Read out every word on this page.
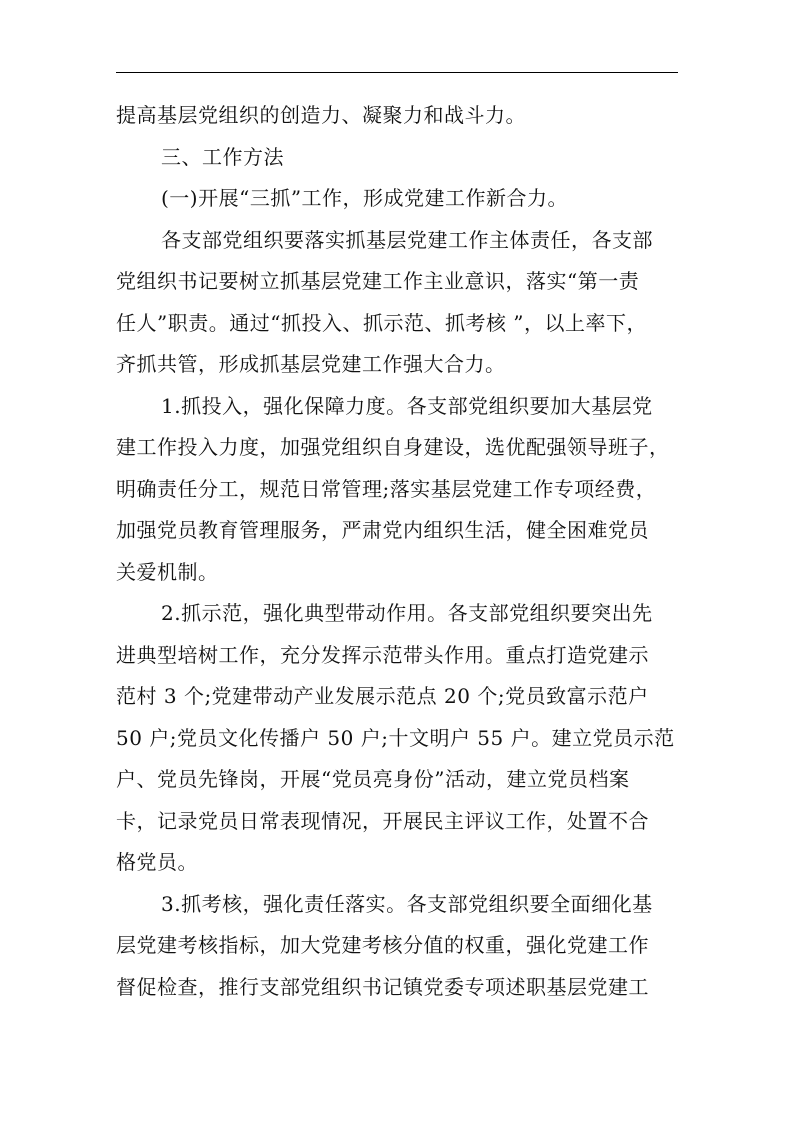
提高基层党组织的创造力、凝聚力和战斗力。
三、工作方法
(一)开展“三抓”工作，形成党建工作新合力。
各支部党组织要落实抓基层党建工作主体责任，各支部
党组织书记要树立抓基层党建工作主业意识，落实“第一责
任人”职责。通过“抓投入、抓示范、抓考核 ”，以上率下，
齐抓共管，形成抓基层党建工作强大合力。
1.抓投入，强化保障力度。各支部党组织要加大基层党
建工作投入力度，加强党组织自身建设，选优配强领导班子，
明确责任分工，规范日常管理;落实基层党建工作专项经费，
加强党员教育管理服务，严肃党内组织生活，健全困难党员
关爱机制。
2.抓示范，强化典型带动作用。各支部党组织要突出先
进典型培树工作，充分发挥示范带头作用。重点打造党建示
范村 3 个;党建带动产业发展示范点 20 个;党员致富示范户
50 户;党员文化传播户 50 户;十文明户 55 户。建立党员示范
户、党员先锋岗，开展“党员亮身份”活动，建立党员档案
卡，记录党员日常表现情况，开展民主评议工作，处置不合
格党员。
3.抓考核，强化责任落实。各支部党组织要全面细化基
层党建考核指标，加大党建考核分值的权重，强化党建工作
督促检查，推行支部党组织书记镇党委专项述职基层党建工
